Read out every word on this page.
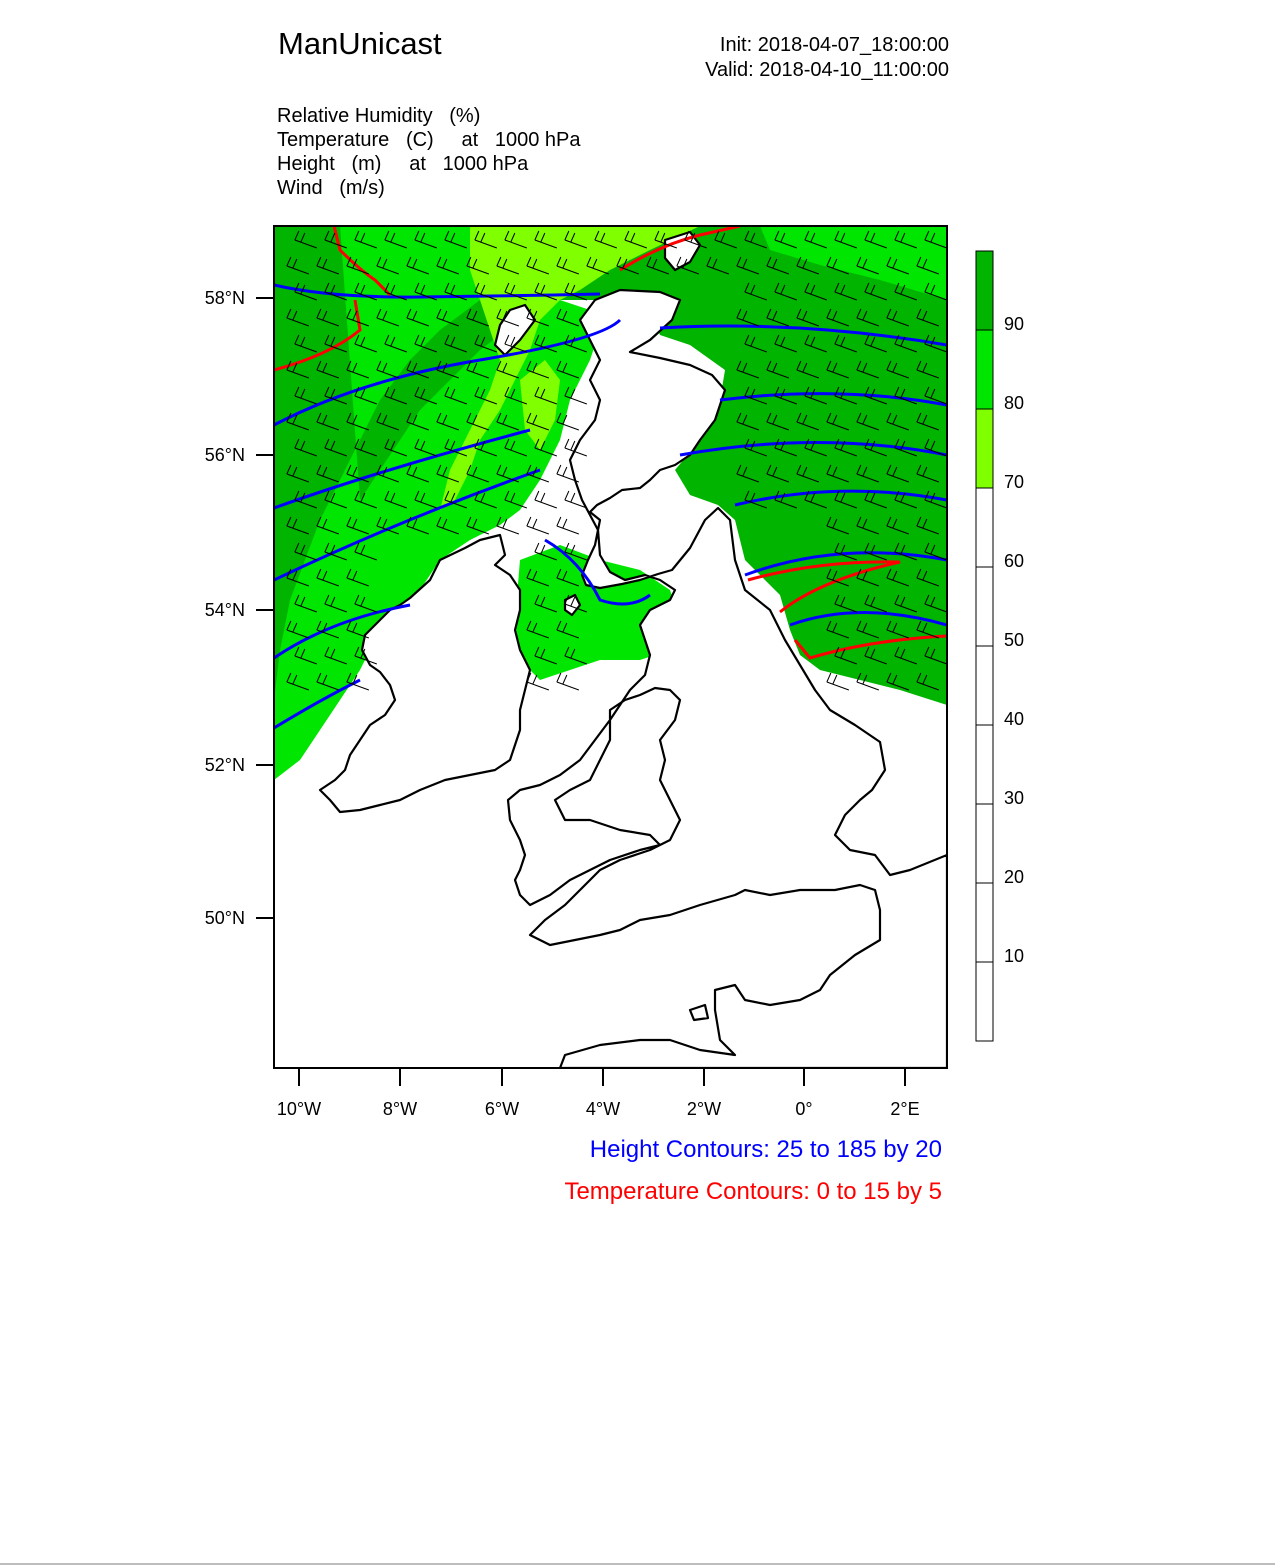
ManUnicast	Init: 2018-04-07_18:00:00
Valid: 2018-04-10_11:00:00
Relative Humidity   (%)
Temperature   (C)     at   1000 hPa
Height   (m)     at   1000 hPa
Wind   (m/s)
58°N
56°N
54°N
52°N
50°N
10°W	8°W	6°W	4°W	2°W	0°	2°E
90
80
70
60
50
40
30
20
10
Height Contours: 25 to 185 by 20
Temperature Contours: 0 to 15 by 5
